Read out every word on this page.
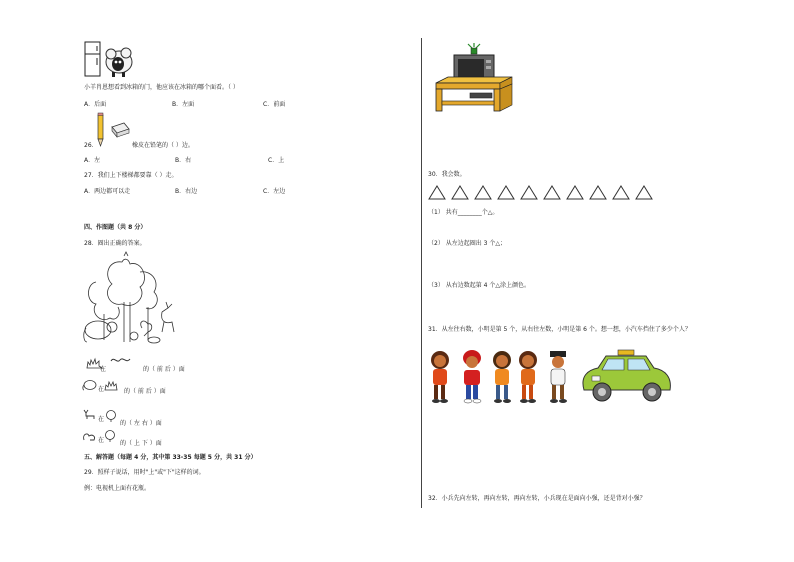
小羊肖恩想看到冰箱的门，他应该在冰箱的哪个面看。（ ）
A．后面	B．左面	C．前面
26．	橡皮在铅笔的（ ）边。
A．左	B．右	C．上
27．我们上下楼梯都要靠（ ）走。
A．两边都可以走	B．右边	C．左边
四、作图题（共 8 分）
28．圈出正确的答案。
在	的（ 前 后 ）面
在	的（ 前 后 ）面
在
的（ 左 右 ）面
在	的（ 上 下 ）面
五、解答题（每题 4 分，其中第 33-35 每题 5 分，共 31 分）
29．照样子说话，用时"上"或"下"这样的词。
例：电视机上面有花瓶。
30．我会数。
（1） 共有________个△。
（2） 从左边起圈出 3 个△；
（3） 从右边数起第 4 个△涂上颜色。
31．从左往右数，小明是第 5 个，从右往左数，小明是第 6 个。想一想，小汽车挡住了多少个人？
32．小兵先向左转，再向左转，再向左转，小兵现在是面向小强，还是背对小强？
